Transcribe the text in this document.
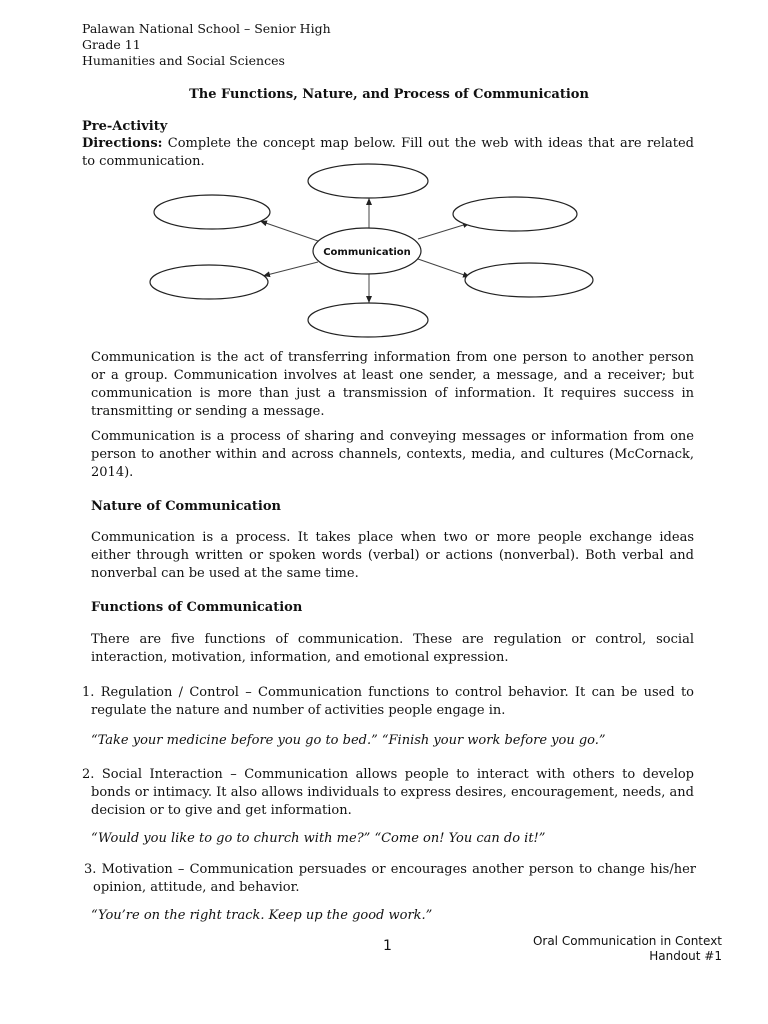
Palawan National School – Senior High
Grade 11
Humanities and Social Sciences
The Functions, Nature, and Process of Communication
Pre-Activity
Directions: Complete the concept map below. Fill out the web with ideas that are related to communication.
Communication

Communication is the act of transferring information from one person to another person or a group. Communication involves at least one sender, a message, and a receiver; but communication is more than just a transmission of information. It requires success in transmitting or sending a message.

Communication is a process of sharing and conveying messages or information from one person to another within and across channels, contexts, media, and cultures (McCornack, 2014).

Nature of Communication

Communication is a process. It takes place when two or more people exchange ideas either through written or spoken words (verbal) or actions (nonverbal). Both verbal and nonverbal can be used at the same time.

Functions of Communication

There are five functions of communication. These are regulation or control, social interaction, motivation, information, and emotional expression.

1. Regulation / Control – Communication functions to control behavior. It can be used to regulate the nature and number of activities people engage in.
“Take your medicine before you go to bed.” “Finish your work before you go.”
2. Social Interaction – Communication allows people to interact with others to develop bonds or intimacy. It also allows individuals to express desires, encouragement, needs, and decision or to give and get information.
“Would you like to go to church with me?” “Come on! You can do it!”
3. Motivation – Communication persuades or encourages another person to change his/her opinion, attitude, and behavior.
“You’re on the right track. Keep up the good work.”
1	Oral Communication in Context
Handout #1
